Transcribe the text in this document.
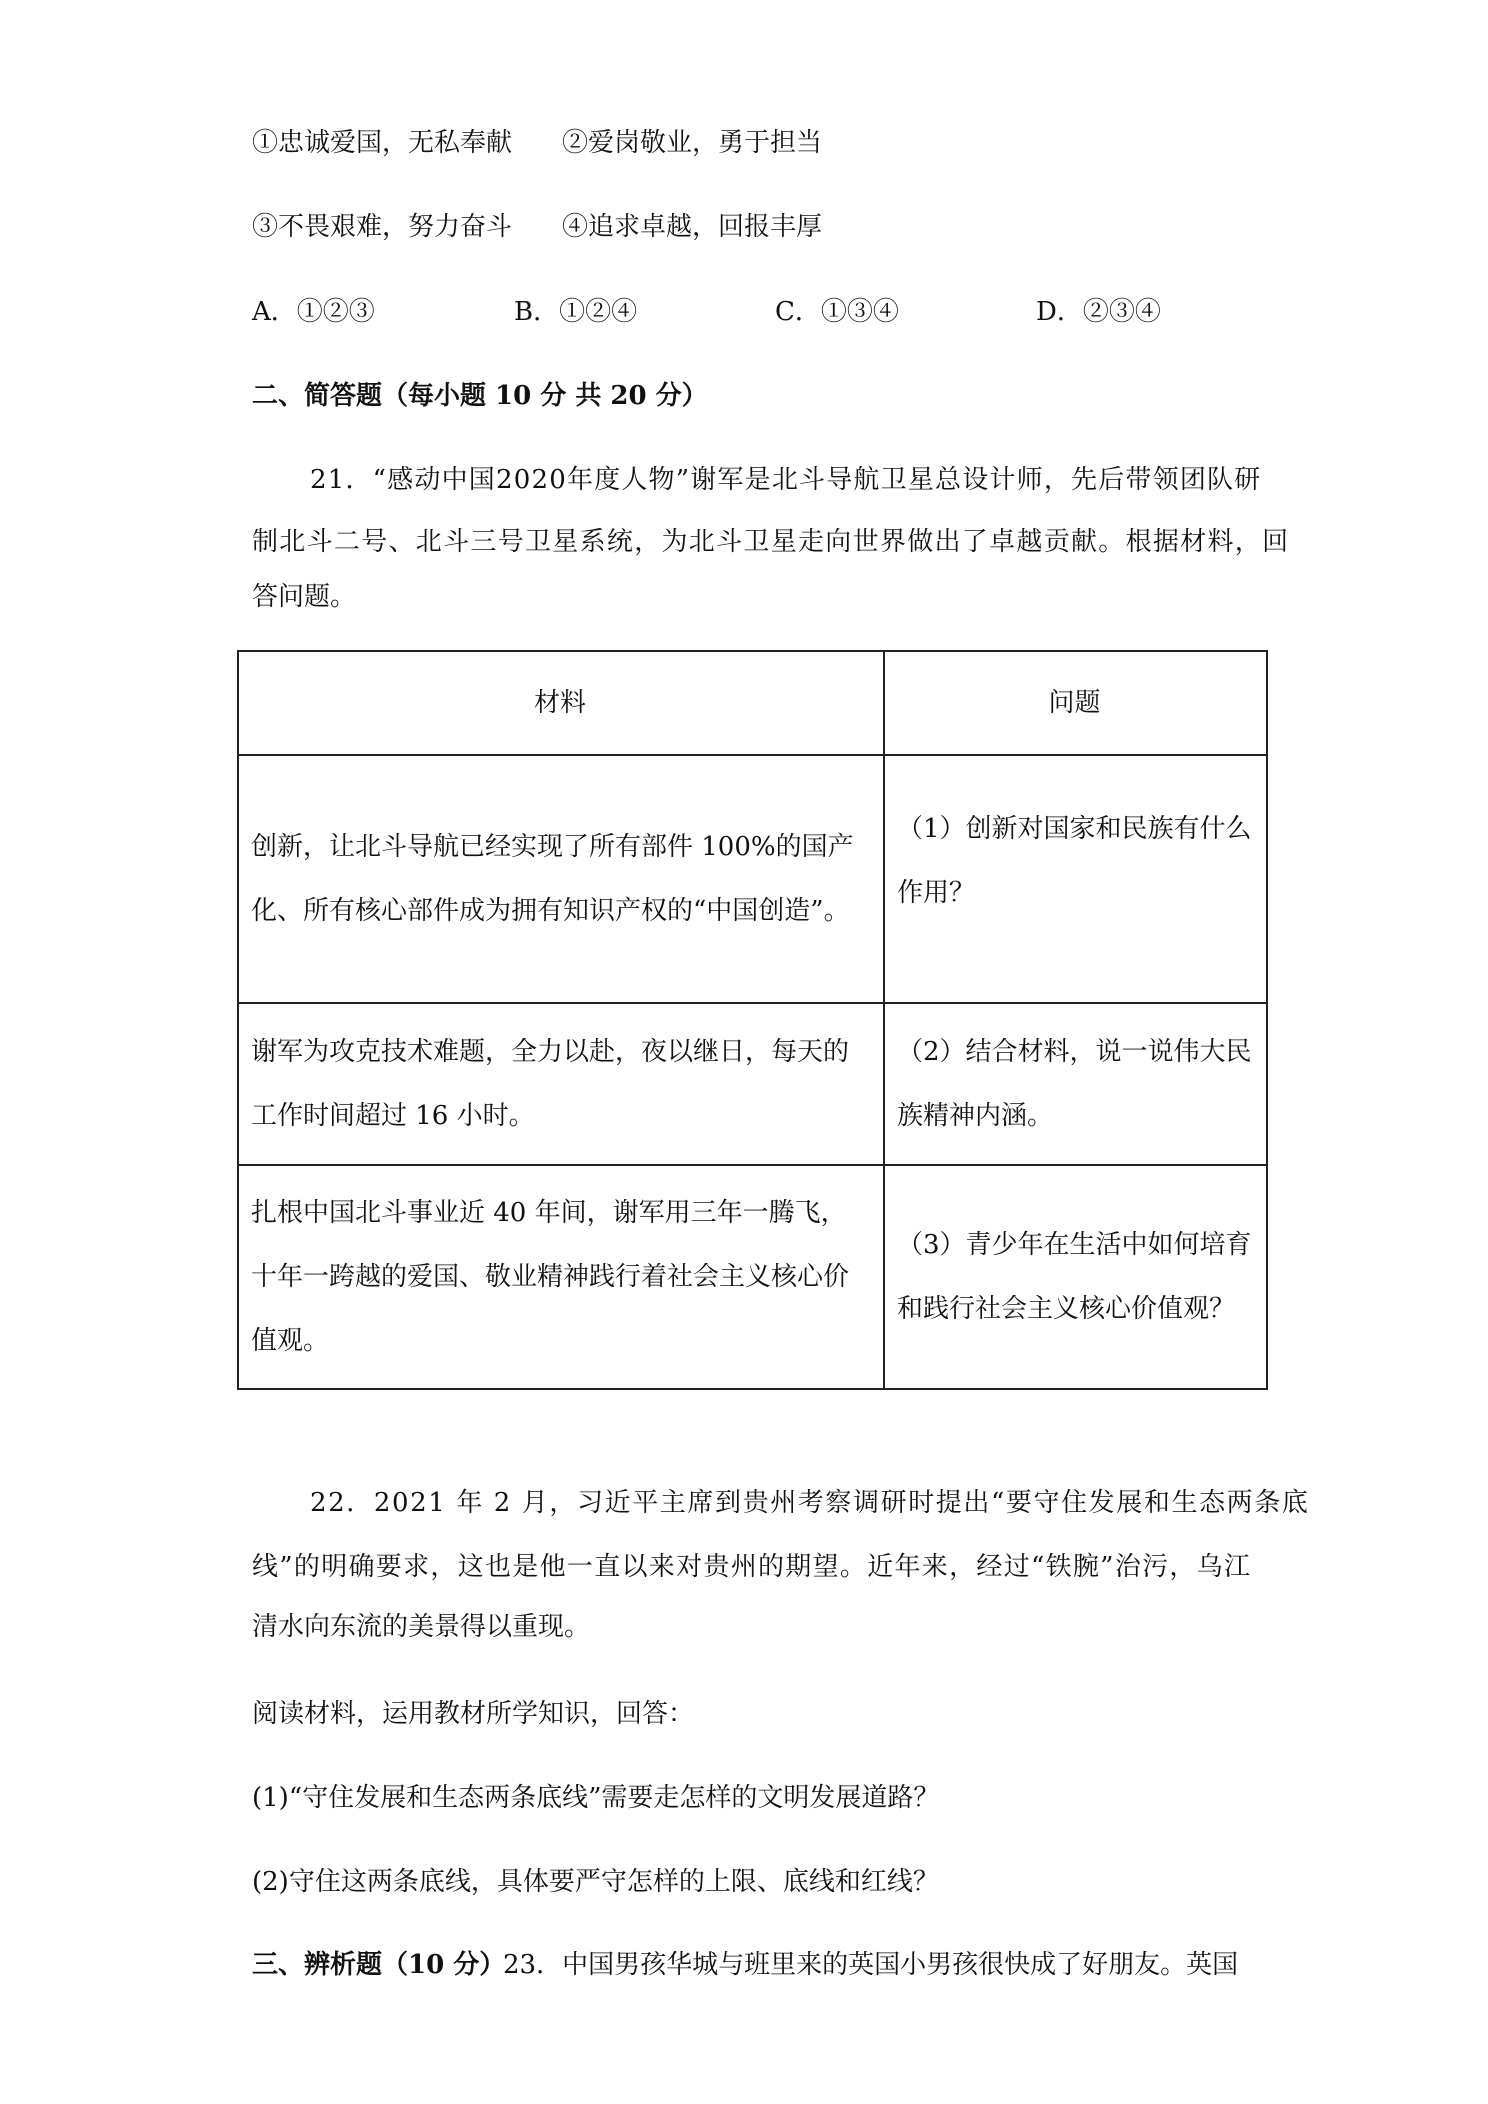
①忠诚爱国，无私奉献 ②爱岗敬业，勇于担当
③不畏艰难，努力奋斗 ④追求卓越，回报丰厚
A．①②③	B．①②④	C．①③④	D．②③④
二、简答题（每小题 10 分 共 20 分）
21．“感动中国2020年度人物”谢军是北斗导航卫星总设计师，先后带领团队研
制北斗二号、北斗三号卫星系统，为北斗卫星走向世界做出了卓越贡献。根据材料，回
答问题。
材料	问题

创新，让北斗导航已经实现了所有部件 100%的国产化、所有核心部件成为拥有知识产权的“中国创造”。	（1）创新对国家和民族有什么作用？

谢军为攻克技术难题，全力以赴，夜以继日，每天的工作时间超过 16 小时。	（2）结合材料，说一说伟大民族精神内涵。

扎根中国北斗事业近 40 年间，谢军用三年一腾飞，十年一跨越的爱国、敬业精神践行着社会主义核心价值观。	（3）青少年在生活中如何培育和践行社会主义核心价值观？
22．2021 年 2 月，习近平主席到贵州考察调研时提出“要守住发展和生态两条底
线”的明确要求，这也是他一直以来对贵州的期望。近年来，经过“铁腕”治污，乌江
清水向东流的美景得以重现。
阅读材料，运用教材所学知识，回答：
(1)“守住发展和生态两条底线”需要走怎样的文明发展道路？
(2)守住这两条底线，具体要严守怎样的上限、底线和红线？
三、辨析题（10 分）
23．中国男孩华城与班里来的英国小男孩很快成了好朋友。英国
